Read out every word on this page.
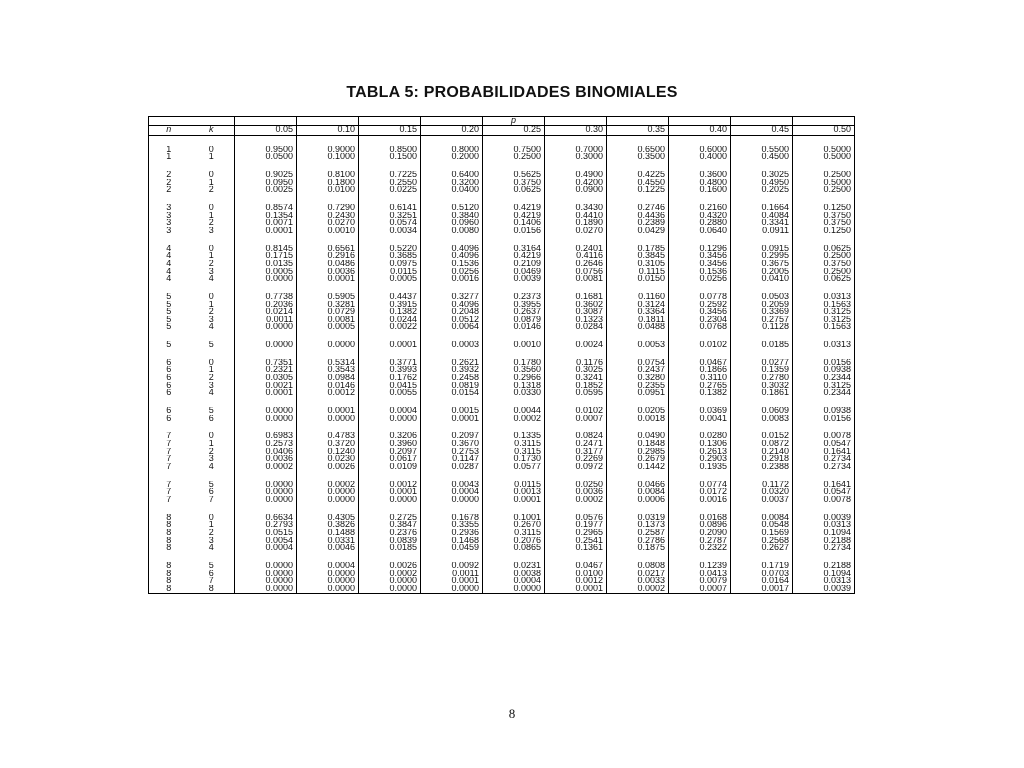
TABLA 5: PROBABILIDADES BINOMIALES
						p					
n	k	0.05	0.10	0.15	0.20	0.25	0.30	0.35	0.40	0.45	0.50

1	0	0.9500	0.9000	0.8500	0.8000	0.7500	0.7000	0.6500	0.6000	0.5500	0.5000
1	1	0.0500	0.1000	0.1500	0.2000	0.2500	0.3000	0.3500	0.4000	0.4500	0.5000

2	0	0.9025	0.8100	0.7225	0.6400	0.5625	0.4900	0.4225	0.3600	0.3025	0.2500
2	1	0.0950	0.1800	0.2550	0.3200	0.3750	0.4200	0.4550	0.4800	0.4950	0.5000
2	2	0.0025	0.0100	0.0225	0.0400	0.0625	0.0900	0.1225	0.1600	0.2025	0.2500

3	0	0.8574	0.7290	0.6141	0.5120	0.4219	0.3430	0.2746	0.2160	0.1664	0.1250
3	1	0.1354	0.2430	0.3251	0.3840	0.4219	0.4410	0.4436	0.4320	0.4084	0.3750
3	2	0.0071	0.0270	0.0574	0.0960	0.1406	0.1890	0.2389	0.2880	0.3341	0.3750
3	3	0.0001	0.0010	0.0034	0.0080	0.0156	0.0270	0.0429	0.0640	0.0911	0.1250

4	0	0.8145	0.6561	0.5220	0.4096	0.3164	0.2401	0.1785	0.1296	0.0915	0.0625
4	1	0.1715	0.2916	0.3685	0.4096	0.4219	0.4116	0.3845	0.3456	0.2995	0.2500
4	2	0.0135	0.0486	0.0975	0.1536	0.2109	0.2646	0.3105	0.3456	0.3675	0.3750
4	3	0.0005	0.0036	0.0115	0.0256	0.0469	0.0756	0.1115	0.1536	0.2005	0.2500
4	4	0.0000	0.0001	0.0005	0.0016	0.0039	0.0081	0.0150	0.0256	0.0410	0.0625

5	0	0.7738	0.5905	0.4437	0.3277	0.2373	0.1681	0.1160	0.0778	0.0503	0.0313
5	1	0.2036	0.3281	0.3915	0.4096	0.3955	0.3602	0.3124	0.2592	0.2059	0.1563
5	2	0.0214	0.0729	0.1382	0.2048	0.2637	0.3087	0.3364	0.3456	0.3369	0.3125
5	3	0.0011	0.0081	0.0244	0.0512	0.0879	0.1323	0.1811	0.2304	0.2757	0.3125
5	4	0.0000	0.0005	0.0022	0.0064	0.0146	0.0284	0.0488	0.0768	0.1128	0.1563

5	5	0.0000	0.0000	0.0001	0.0003	0.0010	0.0024	0.0053	0.0102	0.0185	0.0313

6	0	0.7351	0.5314	0.3771	0.2621	0.1780	0.1176	0.0754	0.0467	0.0277	0.0156
6	1	0.2321	0.3543	0.3993	0.3932	0.3560	0.3025	0.2437	0.1866	0.1359	0.0938
6	2	0.0305	0.0984	0.1762	0.2458	0.2966	0.3241	0.3280	0.3110	0.2780	0.2344
6	3	0.0021	0.0146	0.0415	0.0819	0.1318	0.1852	0.2355	0.2765	0.3032	0.3125
6	4	0.0001	0.0012	0.0055	0.0154	0.0330	0.0595	0.0951	0.1382	0.1861	0.2344

6	5	0.0000	0.0001	0.0004	0.0015	0.0044	0.0102	0.0205	0.0369	0.0609	0.0938
6	6	0.0000	0.0000	0.0000	0.0001	0.0002	0.0007	0.0018	0.0041	0.0083	0.0156

7	0	0.6983	0.4783	0.3206	0.2097	0.1335	0.0824	0.0490	0.0280	0.0152	0.0078
7	1	0.2573	0.3720	0.3960	0.3670	0.3115	0.2471	0.1848	0.1306	0.0872	0.0547
7	2	0.0406	0.1240	0.2097	0.2753	0.3115	0.3177	0.2985	0.2613	0.2140	0.1641
7	3	0.0036	0.0230	0.0617	0.1147	0.1730	0.2269	0.2679	0.2903	0.2918	0.2734
7	4	0.0002	0.0026	0.0109	0.0287	0.0577	0.0972	0.1442	0.1935	0.2388	0.2734

7	5	0.0000	0.0002	0.0012	0.0043	0.0115	0.0250	0.0466	0.0774	0.1172	0.1641
7	6	0.0000	0.0000	0.0001	0.0004	0.0013	0.0036	0.0084	0.0172	0.0320	0.0547
7	7	0.0000	0.0000	0.0000	0.0000	0.0001	0.0002	0.0006	0.0016	0.0037	0.0078

8	0	0.6634	0.4305	0.2725	0.1678	0.1001	0.0576	0.0319	0.0168	0.0084	0.0039
8	1	0.2793	0.3826	0.3847	0.3355	0.2670	0.1977	0.1373	0.0896	0.0548	0.0313
8	2	0.0515	0.1488	0.2376	0.2936	0.3115	0.2965	0.2587	0.2090	0.1569	0.1094
8	3	0.0054	0.0331	0.0839	0.1468	0.2076	0.2541	0.2786	0.2787	0.2568	0.2188
8	4	0.0004	0.0046	0.0185	0.0459	0.0865	0.1361	0.1875	0.2322	0.2627	0.2734

8	5	0.0000	0.0004	0.0026	0.0092	0.0231	0.0467	0.0808	0.1239	0.1719	0.2188
8	6	0.0000	0.0000	0.0002	0.0011	0.0038	0.0100	0.0217	0.0413	0.0703	0.1094
8	7	0.0000	0.0000	0.0000	0.0001	0.0004	0.0012	0.0033	0.0079	0.0164	0.0313
8	8	0.0000	0.0000	0.0000	0.0000	0.0000	0.0001	0.0002	0.0007	0.0017	0.0039
8
